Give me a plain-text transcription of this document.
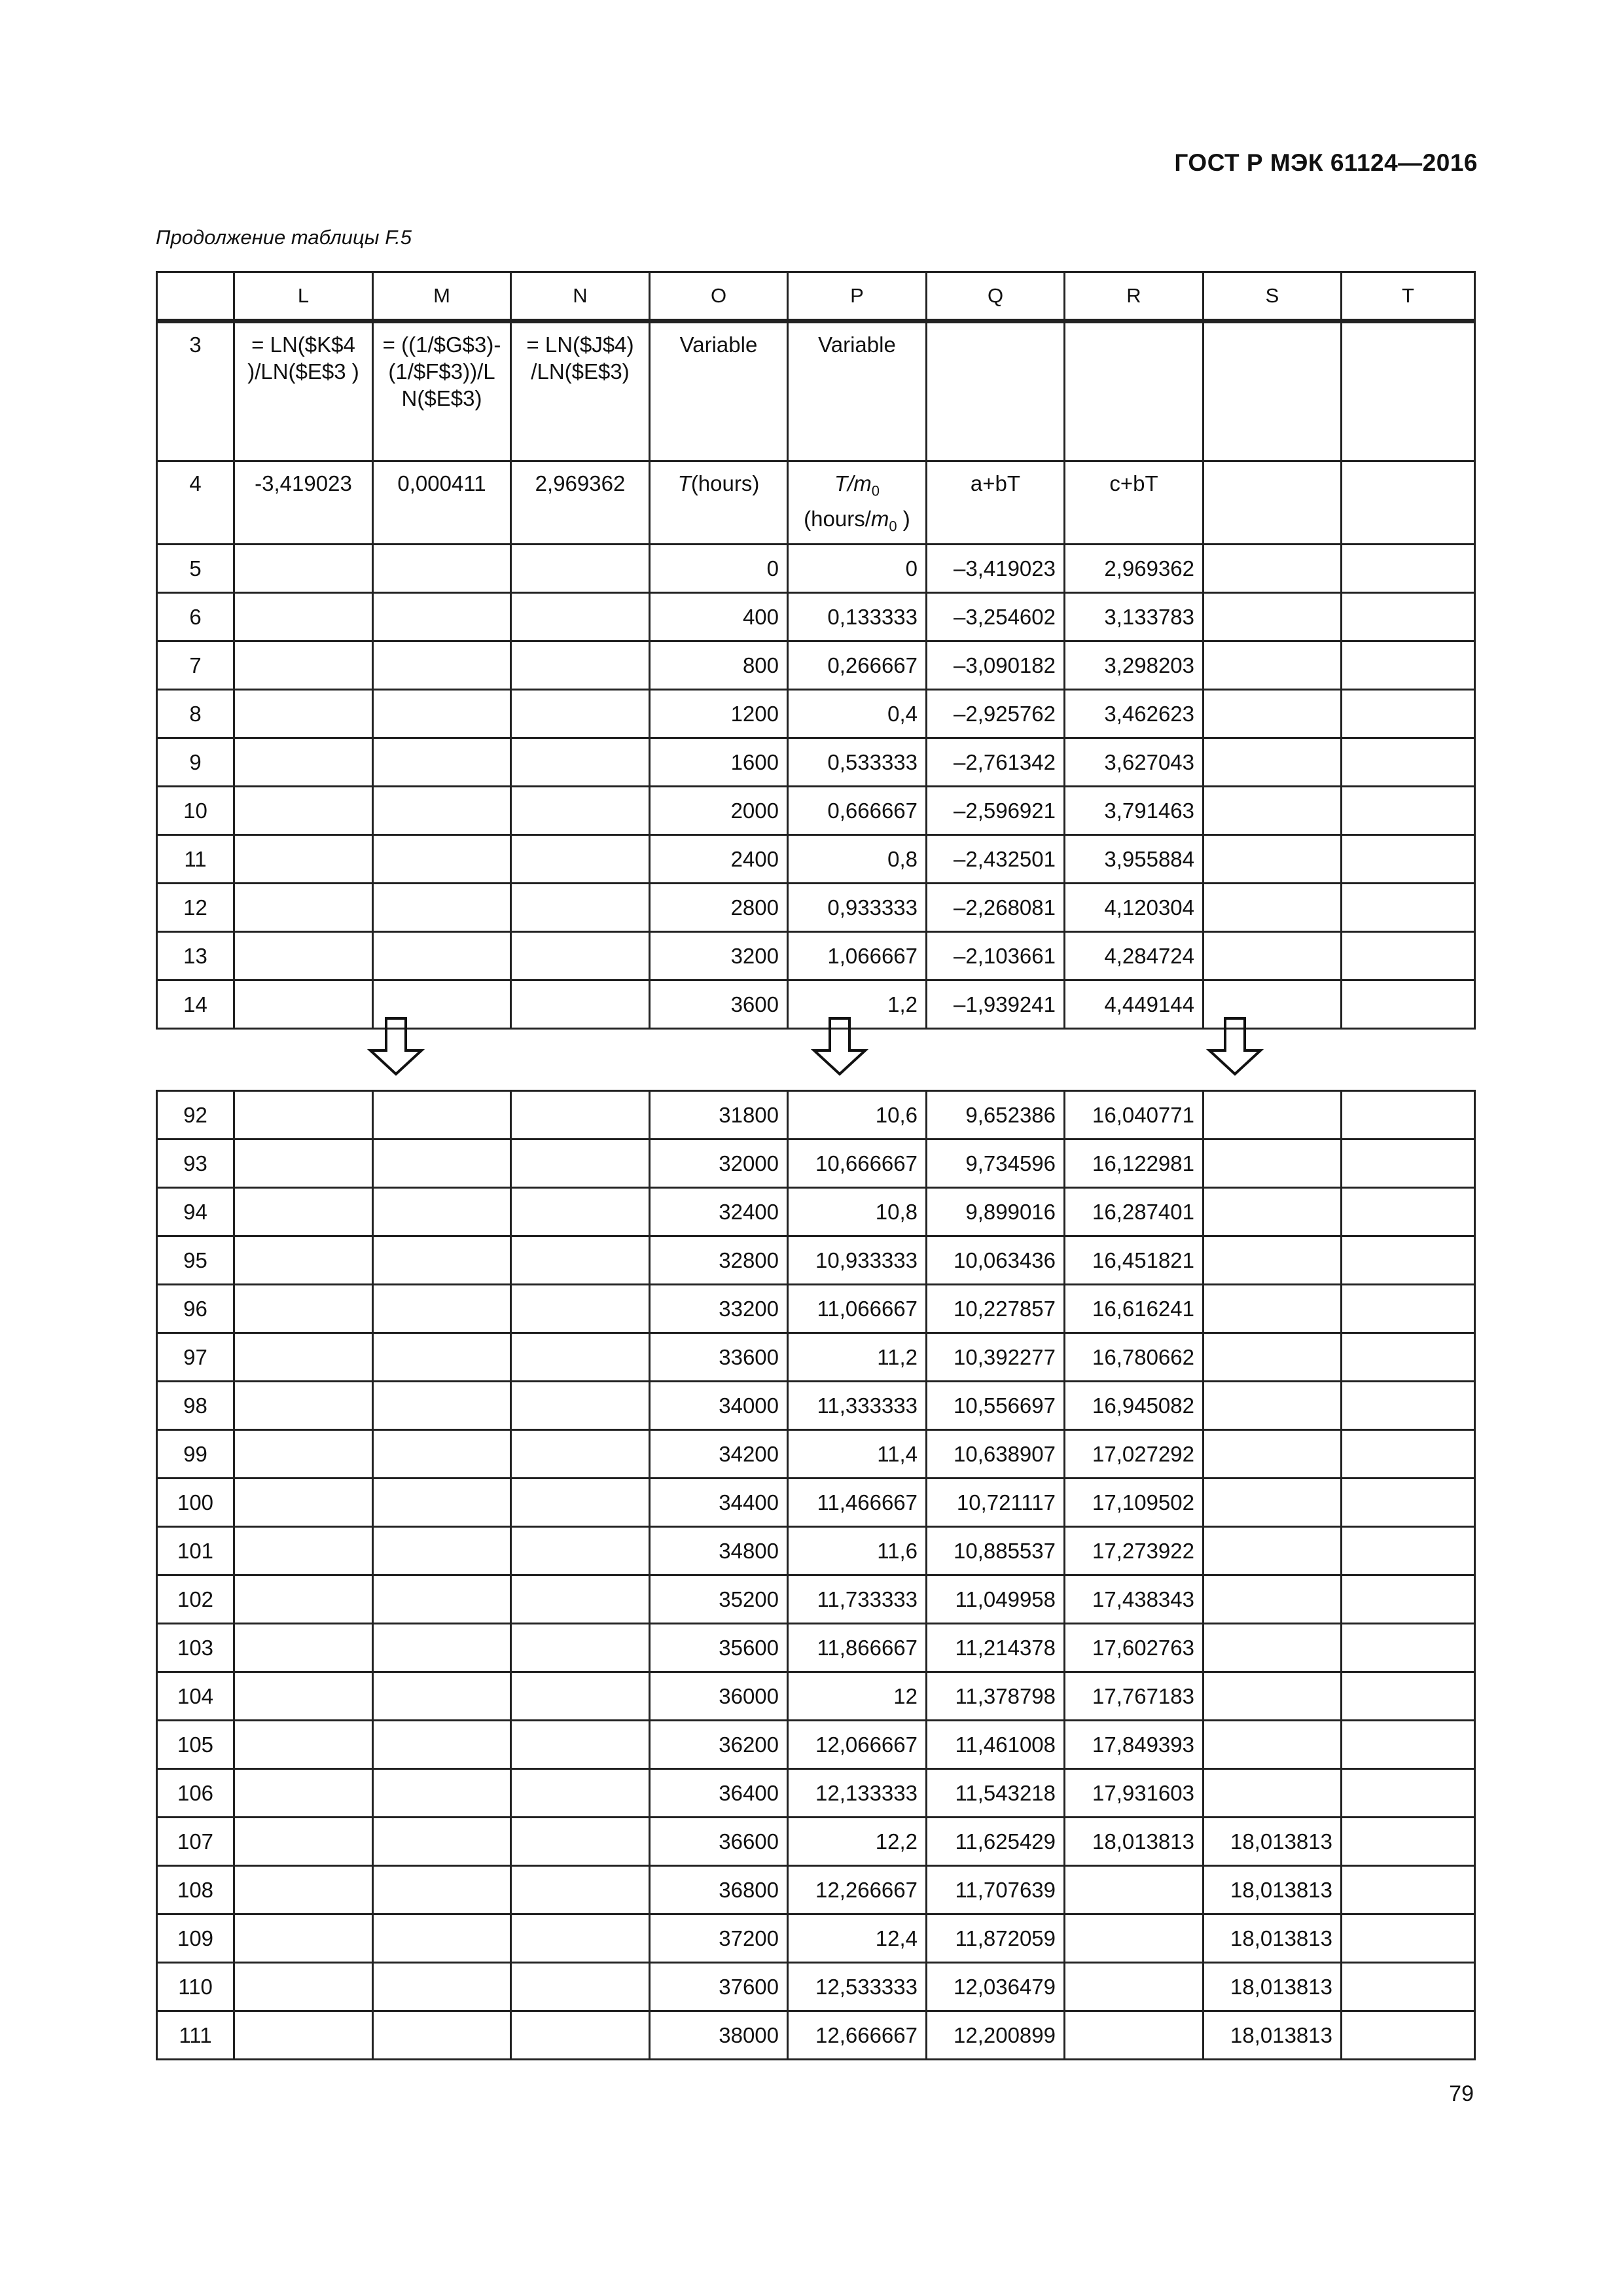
ГОСТ Р МЭК 61124—2016
Продолжение таблицы F.5
	L	M	N	O	P	Q	R	S	T
3	= LN($K$4 )/LN($E$3 )	= ((1/$G$3)- (1/$F$3))/L N($E$3)	= LN($J$4) /LN($E$3)	Variable	Variable				
4	-3,419023	0,000411	2,969362	T(hours)	$T/m_0$
($hours/m_0$ )	a+bT	c+bT		
5				0	0	–3,419023	2,969362		
6				400	0,133333	–3,254602	3,133783		
7				800	0,266667	–3,090182	3,298203		
8				1200	0,4	–2,925762	3,462623		
9				1600	0,533333	–2,761342	3,627043		
10				2000	0,666667	–2,596921	3,791463		
11				2400	0,8	–2,432501	3,955884		
12				2800	0,933333	–2,268081	4,120304		
13				3200	1,066667	–2,103661	4,284724		
14				3600	1,2	–1,939241	4,449144		
92				31800	10,6	9,652386	16,040771		
93				32000	10,666667	9,734596	16,122981		
94				32400	10,8	9,899016	16,287401		
95				32800	10,933333	10,063436	16,451821		
96				33200	11,066667	10,227857	16,616241		
97				33600	11,2	10,392277	16,780662		
98				34000	11,333333	10,556697	16,945082		
99				34200	11,4	10,638907	17,027292		
100				34400	11,466667	10,721117	17,109502		
101				34800	11,6	10,885537	17,273922		
102				35200	11,733333	11,049958	17,438343		
103				35600	11,866667	11,214378	17,602763		
104				36000	12	11,378798	17,767183		
105				36200	12,066667	11,461008	17,849393		
106				36400	12,133333	11,543218	17,931603		
107				36600	12,2	11,625429	18,013813	18,013813	
108				36800	12,266667	11,707639		18,013813	
109				37200	12,4	11,872059		18,013813	
110				37600	12,533333	12,036479		18,013813	
111				38000	12,666667	12,200899		18,013813	
79
